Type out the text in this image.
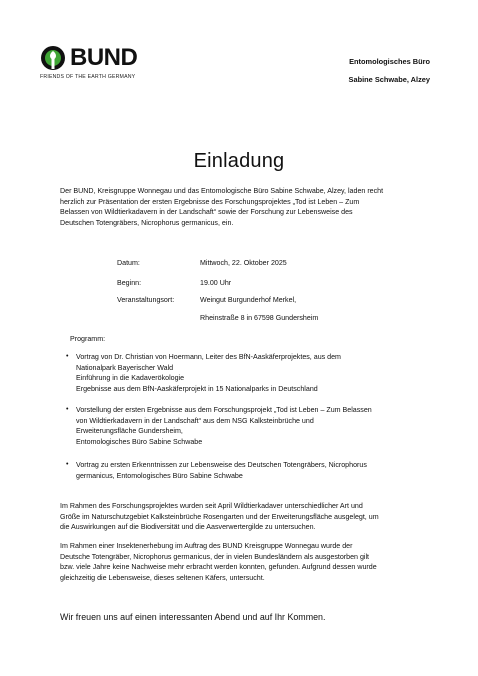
BUND
FRIENDS OF THE EARTH GERMANY
Entomologisches Büro
Sabine Schwabe, Alzey
Einladung
Der BUND, Kreisgruppe Wonnegau und das Entomologische Büro Sabine Schwabe, Alzey, laden recht
herzlich zur Präsentation der ersten Ergebnisse des Forschungsprojektes „Tod ist Leben – Zum
Belassen von Wildtierkadavern in der Landschaft“ sowie der Forschung zur Lebensweise des
Deutschen Totengräbers, Nicrophorus germanicus, ein.
Datum:	Mittwoch, 22. Oktober 2025
Beginn:	19.00 Uhr
Veranstaltungsort:	Weingut Burgunderhof Merkel,
Rheinstraße 8 in 67598 Gundersheim
Programm:
• Vortrag von Dr. Christian von Hoermann, Leiter des BfN-Aaskäferprojektes, aus dem
Nationalpark Bayerischer Wald
Einführung in die Kadaverökologie
Ergebnisse aus dem BfN-Aaskäferprojekt in 15 Nationalparks in Deutschland
• Vorstellung der ersten Ergebnisse aus dem Forschungsprojekt „Tod ist Leben – Zum Belassen
von Wildtierkadavern in der Landschaft“ aus dem NSG Kalksteinbrüche und
Erweiterungsfläche Gundersheim,
Entomologisches Büro Sabine Schwabe
• Vortrag zu ersten Erkenntnissen zur Lebensweise des Deutschen Totengräbers, Nicrophorus
germanicus, Entomologisches Büro Sabine Schwabe
Im Rahmen des Forschungsprojektes wurden seit April Wildtierkadaver unterschiedlicher Art und
Größe im Naturschutzgebiet Kalksteinbrüche Rosengarten und der Erweiterungsfläche ausgelegt, um
die Auswirkungen auf die Biodiversität und die Aasverwertergilde zu untersuchen.
Im Rahmen einer Insektenerhebung im Auftrag des BUND Kreisgruppe Wonnegau wurde der
Deutsche Totengräber, Nicrophorus germanicus, der in vielen Bundesländern als ausgestorben gilt
bzw. viele Jahre keine Nachweise mehr erbracht werden konnten, gefunden. Aufgrund dessen wurde
gleichzeitig die Lebensweise, dieses seltenen Käfers, untersucht.
Wir freuen uns auf einen interessanten Abend und auf Ihr Kommen.
